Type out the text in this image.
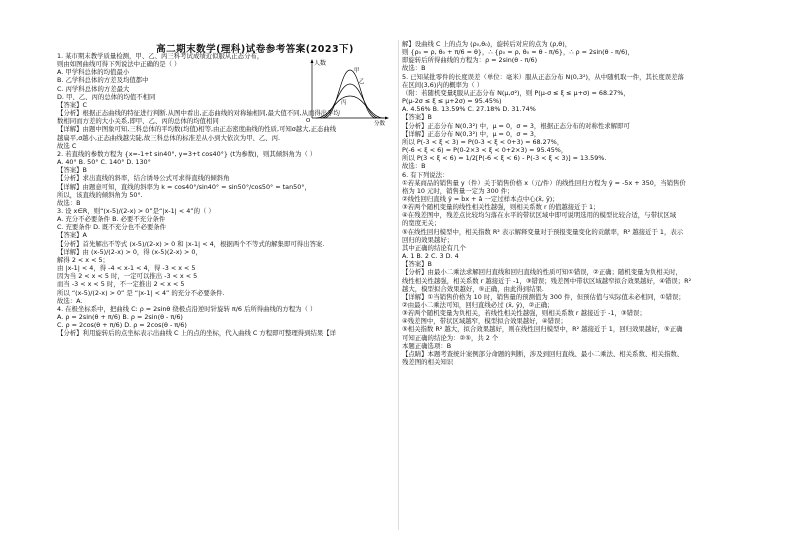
高二期末数学(理科)试卷参考答案(2023下)
1. 某市期末教学质量检测，甲、乙、丙三科考试成绩近似服从正态分布，
则由如图曲线可得下列说法中正确的是（ ）
A. 甲学科总体的均值最小
B. 乙学科总体的方差及均值都中
C. 丙学科总体的方差最大
D. 甲、乙、丙的总体的均值不相同
【答案】C
【分析】根据正态曲线的特征进行判断.从图中看出,正态曲线的对称轴相同,最大值不同,从而得出平均
数相同而方差的大小关系,即甲、乙、丙的总体的均值相同
【详解】由题中图象可知,三科总体的平均数(均值)相等,由正态密度曲线的性质,可知σ越大,正态曲线
越扁平,σ越小,正态曲线越尖陡,故三科总体的标准差从小到大依次为甲、乙、丙.
故选 C
2. 若直线的参数方程为 {x=-1+t sin40°, y=3+t cos40°} (t为参数)，则其倾斜角为（ ）
A. 40° B. 50° C. 140° D. 130°
【答案】B
【分析】求出直线的斜率，结合诱导公式可求得直线的倾斜角
【详解】由题意可知，直线的斜率为 k = cos40°/sin40° = sin50°/cos50° = tan50°，
所以，该直线的倾斜角为 50°.
故选：B
3. 设 x∈R，则“(x-5)/(2-x) > 0”是“|x-1| < 4”的（ ）
A. 充分不必要条件 B. 必要不充分条件
C. 充要条件 D. 既不充分也不必要条件
【答案】A
【分析】首先解出不等式 (x-5)/(2-x) > 0 和 |x-1| < 4，根据两个不等式的解集即可得出答案.
【详解】由 (x-5)/(2-x) > 0，得 (x-5)(2-x) > 0，
解得 2 < x < 5；
由 |x-1| < 4，得 -4 < x-1 < 4，得 -3 < x < 5
因为当 2 < x < 5 时，一定可以推出 -3 < x < 5
而当 -3 < x < 5 时，不一定推出 2 < x < 5
所以 “(x-5)/(2-x) > 0” 是 “|x-1| < 4” 的充分不必要条件.
故选：A.
4. 在极坐标系中，把曲线 C: ρ = 2sinθ 绕极点沿逆时针旋转 π/6 后所得曲线的方程为（ ）
A. ρ = 2sin(θ + π/6) B. ρ = 2sin(θ - π/6)
C. ρ = 2cos(θ + π/6) D. ρ = 2cos(θ - π/6)
【分析】利用旋转后的点坐标表示出曲线 C 上的点的坐标，代入曲线 C 方程即可整理得到结果【详
解】设曲线 C 上的点为 (ρ₀,θ₀)，旋转后对应的点为 (ρ,θ)，
则 {ρ₀ = ρ, θ₀ + π/6 = θ}，∴ {ρ₀ = ρ, θ₀ = θ - π/6}，∴ ρ = 2sin(θ - π/6)，
即旋转后所得曲线的方程为：ρ = 2sin(θ - π/6)
故选：B
5. 已知某批零件的长度误差（单位：毫米）服从正态分布 N(0,3²)，从中随机取一件，其长度误差落
在区间(3,6)内的概率为（ ）
（附：若随机变量ξ服从正态分布 N(μ,σ²)，则 P(μ-σ ≤ ξ ≤ μ+σ) = 68.27%，
P(μ-2σ ≤ ξ ≤ μ+2σ) = 95.45%)
A. 4.56% B. 13.59% C. 27.18% D. 31.74%
【答案】B
【分析】正态分布 N(0,3²) 中，μ = 0，σ = 3，根据正态分布的对称性求解即可
【详解】正态分布 N(0,3²) 中，μ = 0，σ = 3，
所以 P(-3 < ξ < 3) = P(0-3 < ξ < 0+3) = 68.27%，
P(-6 < ξ < 6) = P(0-2×3 < ξ < 0+2×3) = 95.45%，
所以 P(3 < ξ < 6) = 1/2[P(-6 < ξ < 6) - P(-3 < ξ < 3)] = 13.59%.
故选：B
6. 有下列说法：
①若某商品的销售量 y（件）关于销售价格 x（元/件）的线性回归方程为 ŷ = -5x + 350，当销售价
格为 10 元时，销售量一定为 300 件；
②线性回归直线 ŷ = b̂x + â 一定过样本点中心(x̄, ȳ)；
③若两个随机变量的线性相关性越强，则相关系数 r 的值越接近于 1；
④在残差图中，残差点比较均匀落在水平的带状区域中即可说明选用的模型比较合适，与带状区域
的宽度无关；
⑤在线性回归模型中，相关指数 R² 表示解释变量对于预报变量变化的贡献率，R² 越接近于 1，表示
回归的效果越好；
其中正确的结论有几个
A. 1 B. 2 C. 3 D. 4
【答案】B
【分析】由最小二乘法求解回归直线和回归直线的性质可知①错误，②正确；随机变量为负相关时，
线性相关性越强，相关系数 r 越接近于 -1，③错误；残差图中带状区域越窄拟合效果越好，④错误；R²
越大，模型拟合效果越好，⑤正确，由此得到结果.
【详解】①当销售价格为 10 时，销售量的预测值为 300 件，但预估值与实际值未必相同，①错误；
②由最小二乘法可知，回归直线必过 (x̄, ȳ)，②正确；
③若两个随机变量为负相关，若线性相关性越强，则相关系数 r 越接近于 -1，③错误；
④残差图中，带状区域越窄，模型拟合效果越好，④错误；
⑤相关指数 R² 越大，拟合效果越好，则在线性回归模型中，R² 越接近于 1，回归效果越好，⑤正确
可知正确的结论为：②⑤，共 2 个
本题正确选项：B
【点睛】本题考查统计案例部分命题的判断，涉及到回归直线、最小二乘法、相关系数、相关指数、
残差图的相关知识
人数
分数
O
甲
乙
丙
